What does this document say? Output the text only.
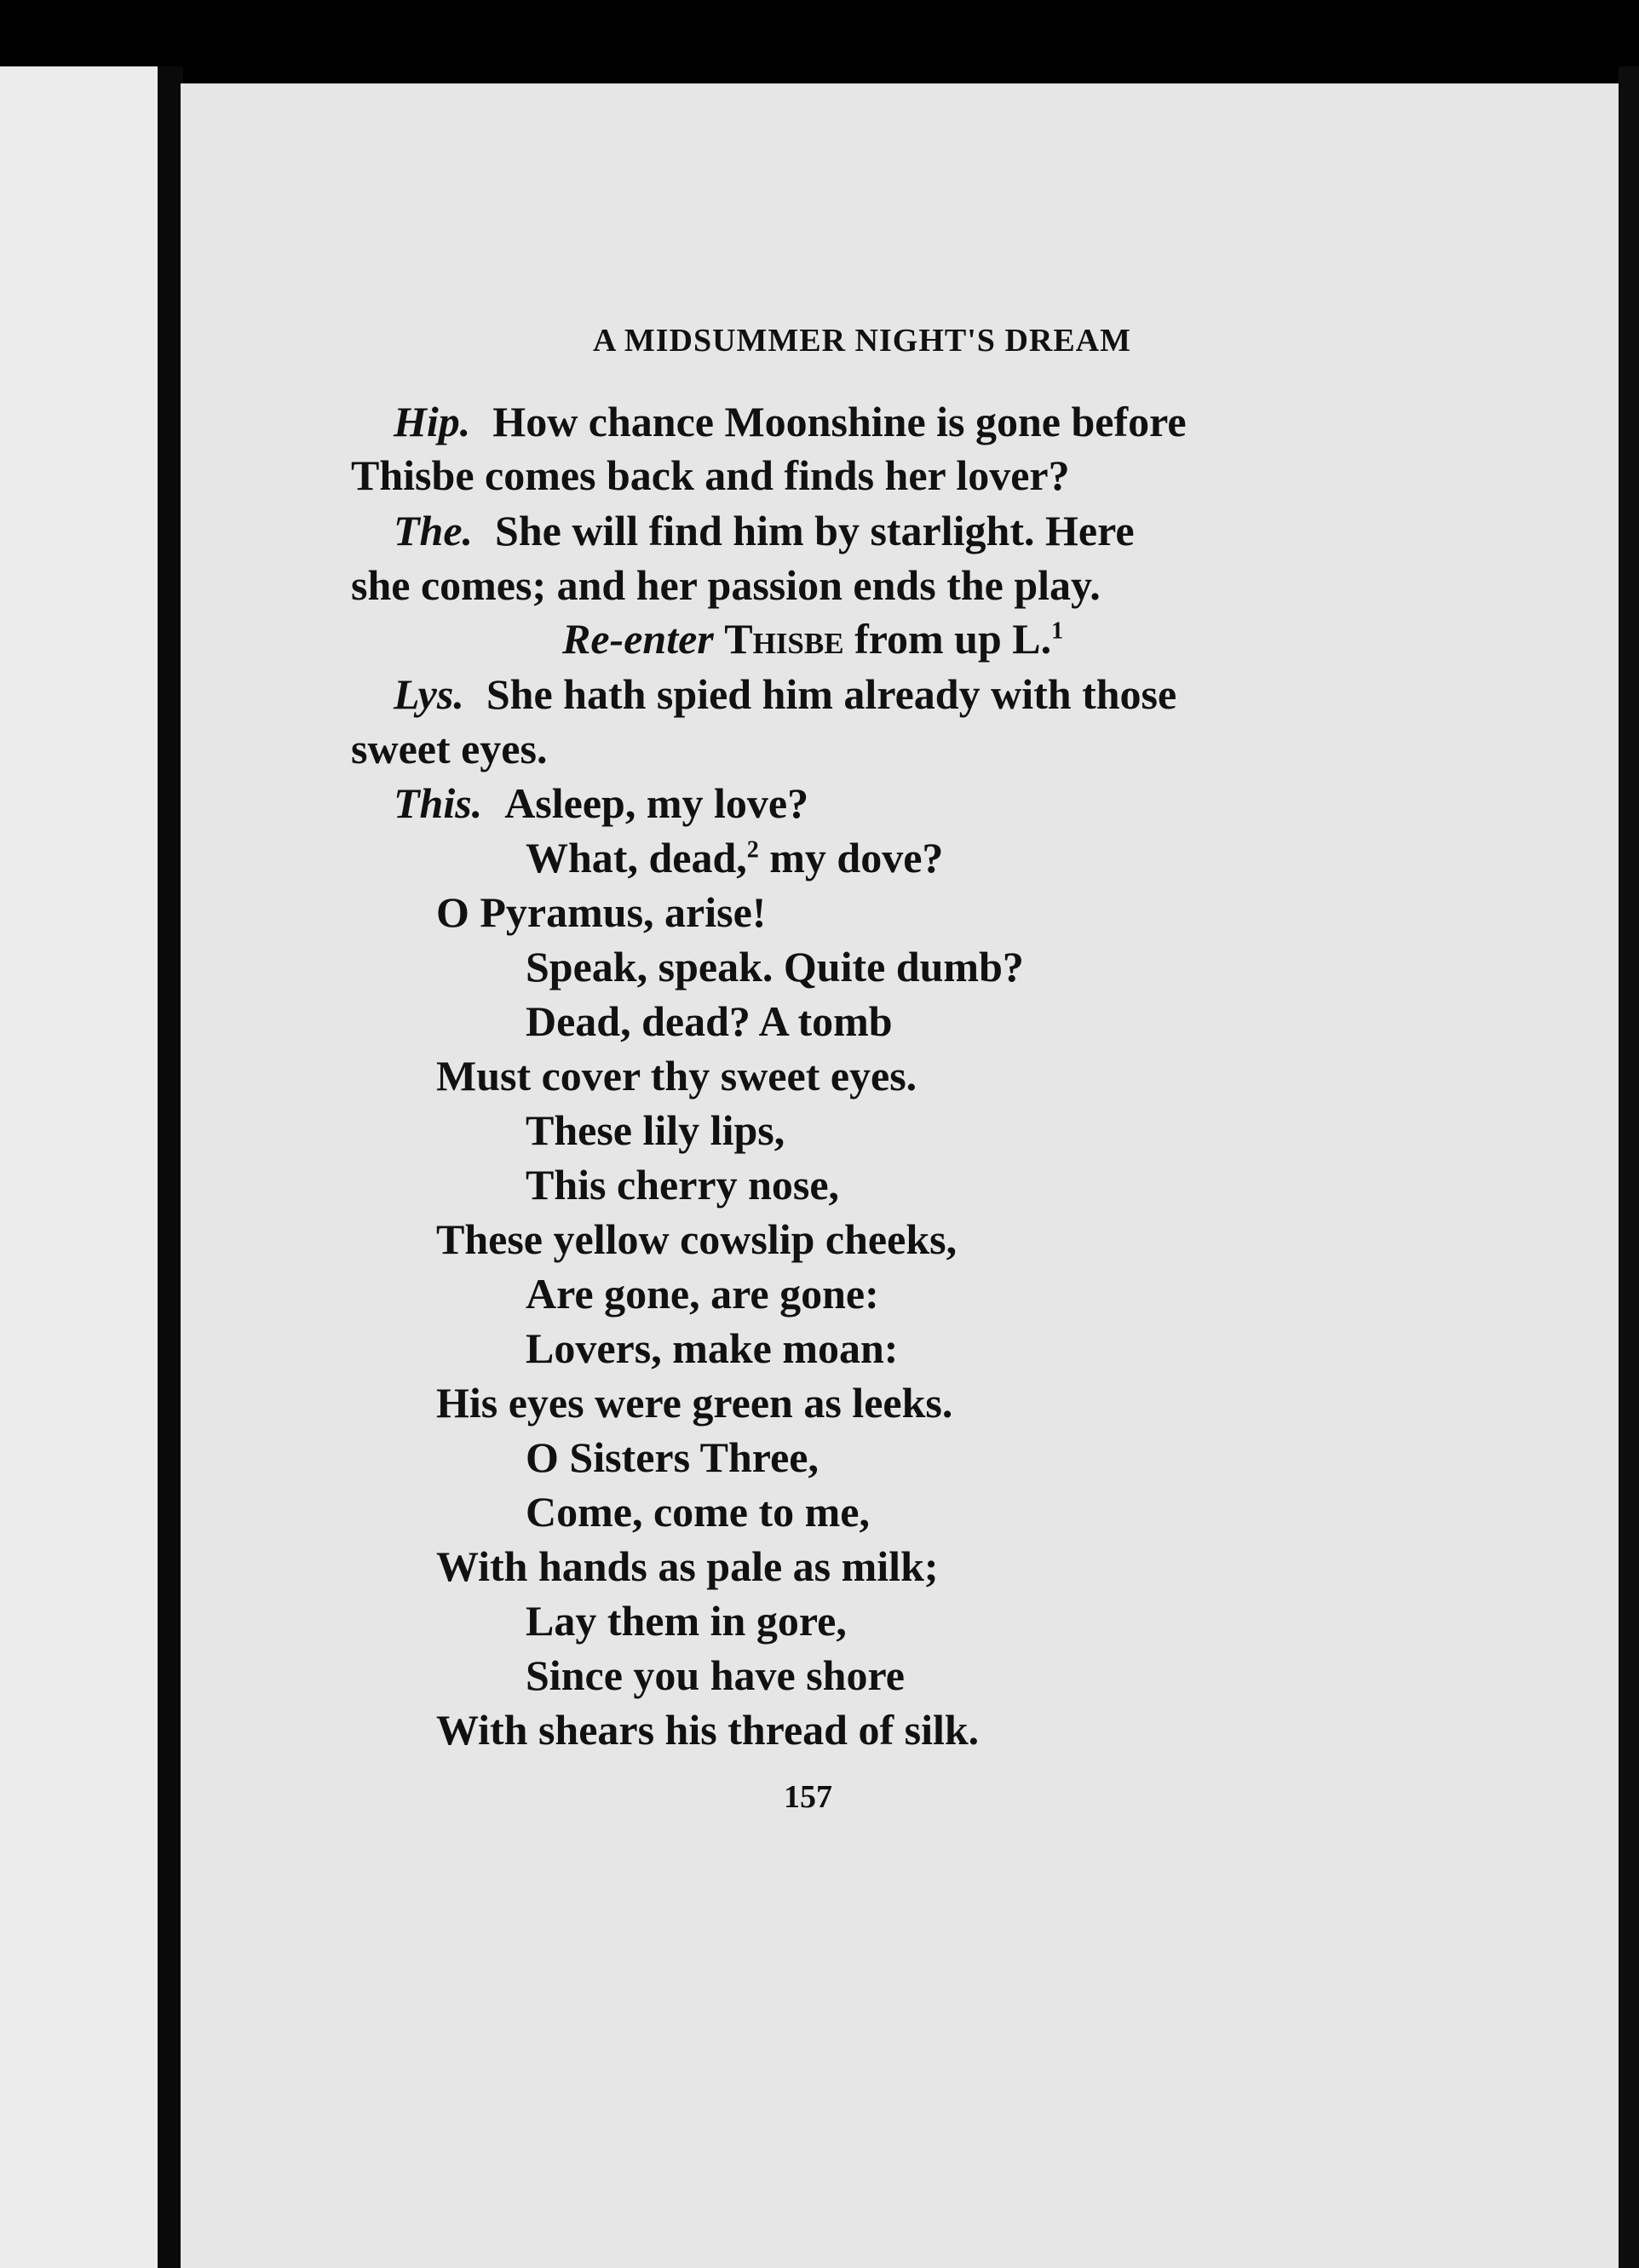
A MIDSUMMER NIGHT'S DREAM
Hip. How chance Moonshine is gone before
Thisbe comes back and finds her lover?
The. She will find him by starlight. Here
she comes; and her passion ends the play.
Re-enter Thisbe from up L.$^1$
Lys. She hath spied him already with those
sweet eyes.
This. Asleep, my love?
What, dead,$^2$ my dove?
O Pyramus, arise!
Speak, speak. Quite dumb?
Dead, dead? A tomb
Must cover thy sweet eyes.
These lily lips,
This cherry nose,
These yellow cowslip cheeks,
Are gone, are gone:
Lovers, make moan:
His eyes were green as leeks.
O Sisters Three,
Come, come to me,
With hands as pale as milk;
Lay them in gore,
Since you have shore
With shears his thread of silk.
157
